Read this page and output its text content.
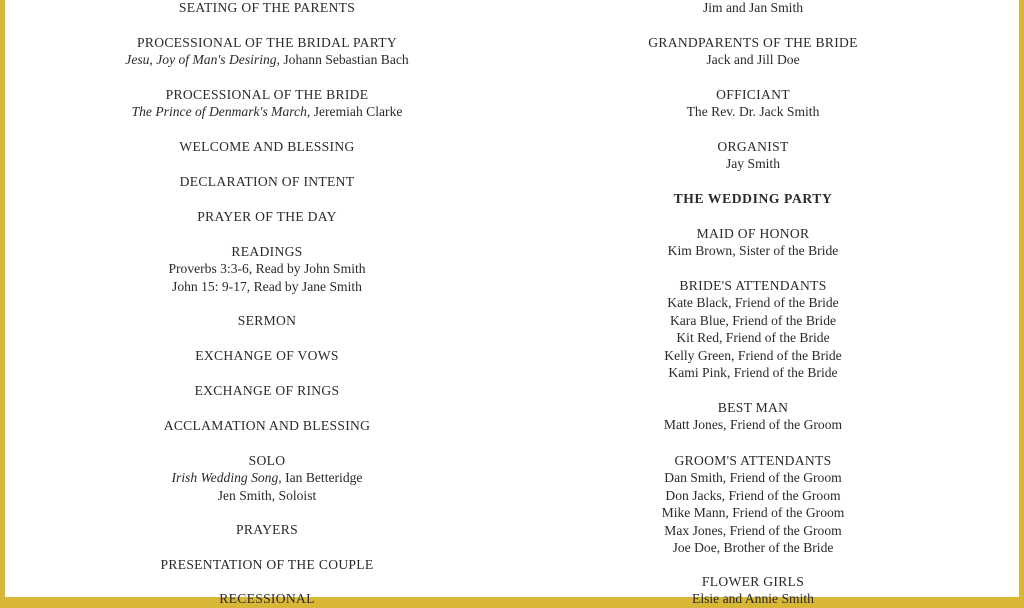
SEATING OF THE PARENTS
PROCESSIONAL OF THE BRIDAL PARTY
Jesu, Joy of Man's Desiring, Johann Sebastian Bach
PROCESSIONAL OF THE BRIDE
The Prince of Denmark's March, Jeremiah Clarke
WELCOME AND BLESSING
DECLARATION OF INTENT
PRAYER OF THE DAY
READINGS
Proverbs 3:3-6, Read by John Smith
John 15: 9-17, Read by Jane Smith
SERMON
EXCHANGE OF VOWS
EXCHANGE OF RINGS
ACCLAMATION AND BLESSING
SOLO
Irish Wedding Song, Ian Betteridge
Jen Smith, Soloist
PRAYERS
PRESENTATION OF THE COUPLE
RECESSIONAL
Jim and Jan Smith
GRANDPARENTS OF THE BRIDE
Jack and Jill Doe
OFFICIANT
The Rev. Dr. Jack Smith
ORGANIST
Jay Smith
THE WEDDING PARTY
MAID OF HONOR
Kim Brown, Sister of the Bride
BRIDE'S ATTENDANTS
Kate Black, Friend of the Bride
Kara Blue, Friend of the Bride
Kit Red, Friend of the Bride
Kelly Green, Friend of the Bride
Kami Pink, Friend of the Bride
BEST MAN
Matt Jones, Friend of the Groom
GROOM'S ATTENDANTS
Dan Smith, Friend of the Groom
Don Jacks, Friend of the Groom
Mike Mann, Friend of the Groom
Max Jones, Friend of the Groom
Joe Doe, Brother of the Bride
FLOWER GIRLS
Elsie and Annie Smith
